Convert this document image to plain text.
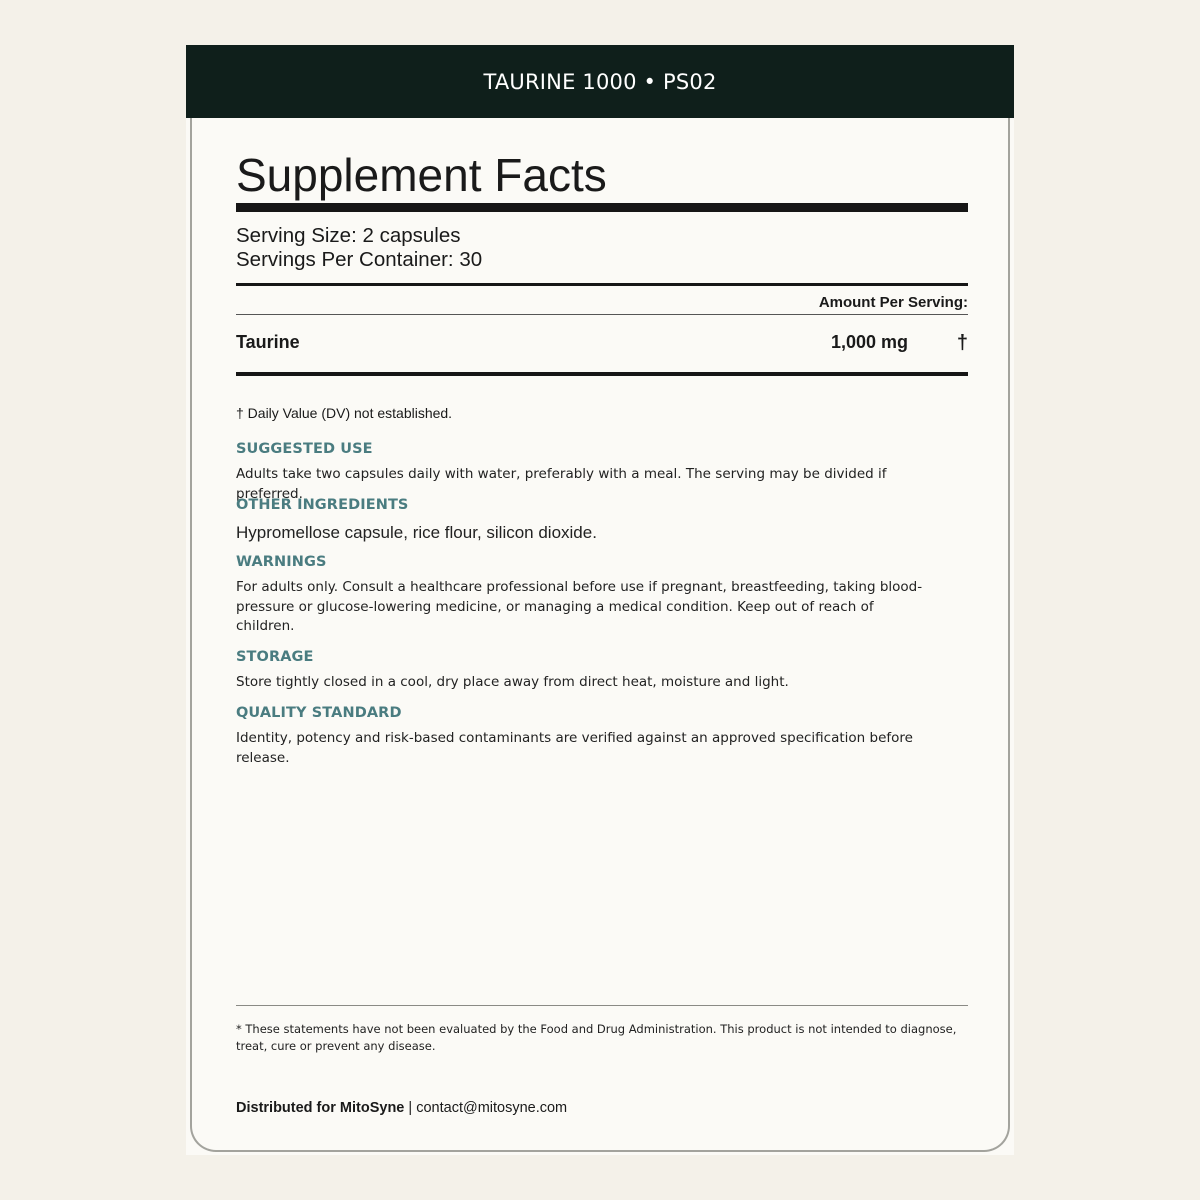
TAURINE 1000 • PS02
Supplement Facts
Serving Size: 2 capsules
Servings Per Container: 30
Amount Per Serving:
Taurine	1,000 mg †
† Daily Value (DV) not established.
SUGGESTED USE
Adults take two capsules daily with water, preferably with a meal. The serving may be divided if preferred.
OTHER INGREDIENTS
Hypromellose capsule, rice flour, silicon dioxide.
WARNINGS
For adults only. Consult a healthcare professional before use if pregnant, breastfeeding, taking blood-pressure or glucose-lowering medicine, or managing a medical condition. Keep out of reach of children.
STORAGE
Store tightly closed in a cool, dry place away from direct heat, moisture and light.
QUALITY STANDARD
Identity, potency and risk-based contaminants are verified against an approved specification before release.
* These statements have not been evaluated by the Food and Drug Administration. This product is not intended to diagnose, treat, cure or prevent any disease.
Distributed for MitoSyne | contact@mitosyne.com
